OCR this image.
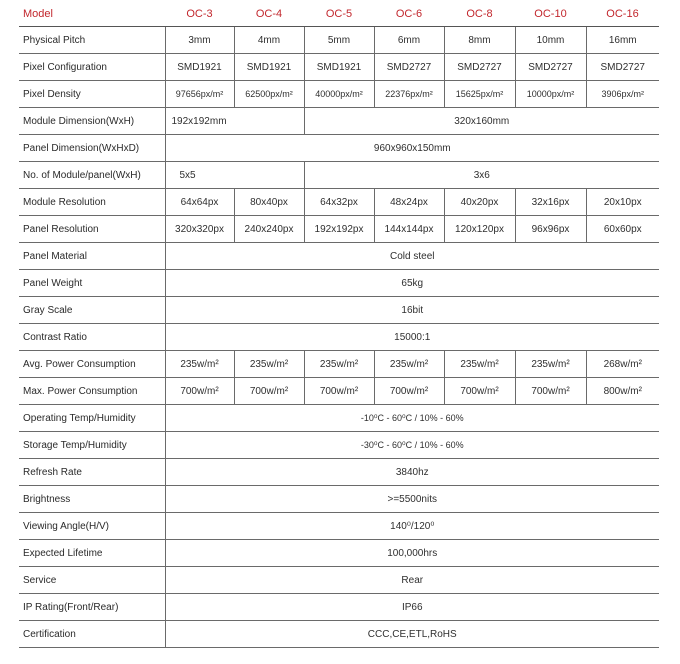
Model	OC-3	OC-4	OC-5	OC-6	OC-8	OC-10	OC-16
Physical Pitch	3mm	4mm	5mm	6mm	8mm	10mm	16mm
Pixel Configuration	SMD1921	SMD1921	SMD1921	SMD2727	SMD2727	SMD2727	SMD2727
Pixel Density	97656px/m²	62500px/m²	40000px/m²	22376px/m²	15625px/m²	10000px/m²	3906px/m²
Module Dimension(WxH)	192x192mm		320x160mm				
Panel Dimension(WxHxD)	960x960x150mm						
No. of Module/panel(WxH)	5x5		3x6				
Module Resolution	64x64px	80x40px	64x32px	48x24px	40x20px	32x16px	20x10px
Panel Resolution	320x320px	240x240px	192x192px	144x144px	120x120px	96x96px	60x60px
Panel Material	Cold steel						
Panel Weight	65kg						
Gray Scale	16bit						
Contrast Ratio	15000:1						
Avg. Power Consumption	235w/m²	235w/m²	235w/m²	235w/m²	235w/m²	235w/m²	268w/m²
Max. Power Consumption	700w/m²	700w/m²	700w/m²	700w/m²	700w/m²	700w/m²	800w/m²
Operating Temp/Humidity	-10⁰C - 60⁰C / 10% - 60%						
Storage Temp/Humidity	-30⁰C - 60⁰C / 10% - 60%						
Refresh Rate	3840hz						
Brightness	>=5500nits						
Viewing Angle(H/V)	140⁰/120⁰						
Expected Lifetime	100,000hrs						
Service	Rear						
IP Rating(Front/Rear)	IP66						
Certification	CCC,CE,ETL,RoHS						
